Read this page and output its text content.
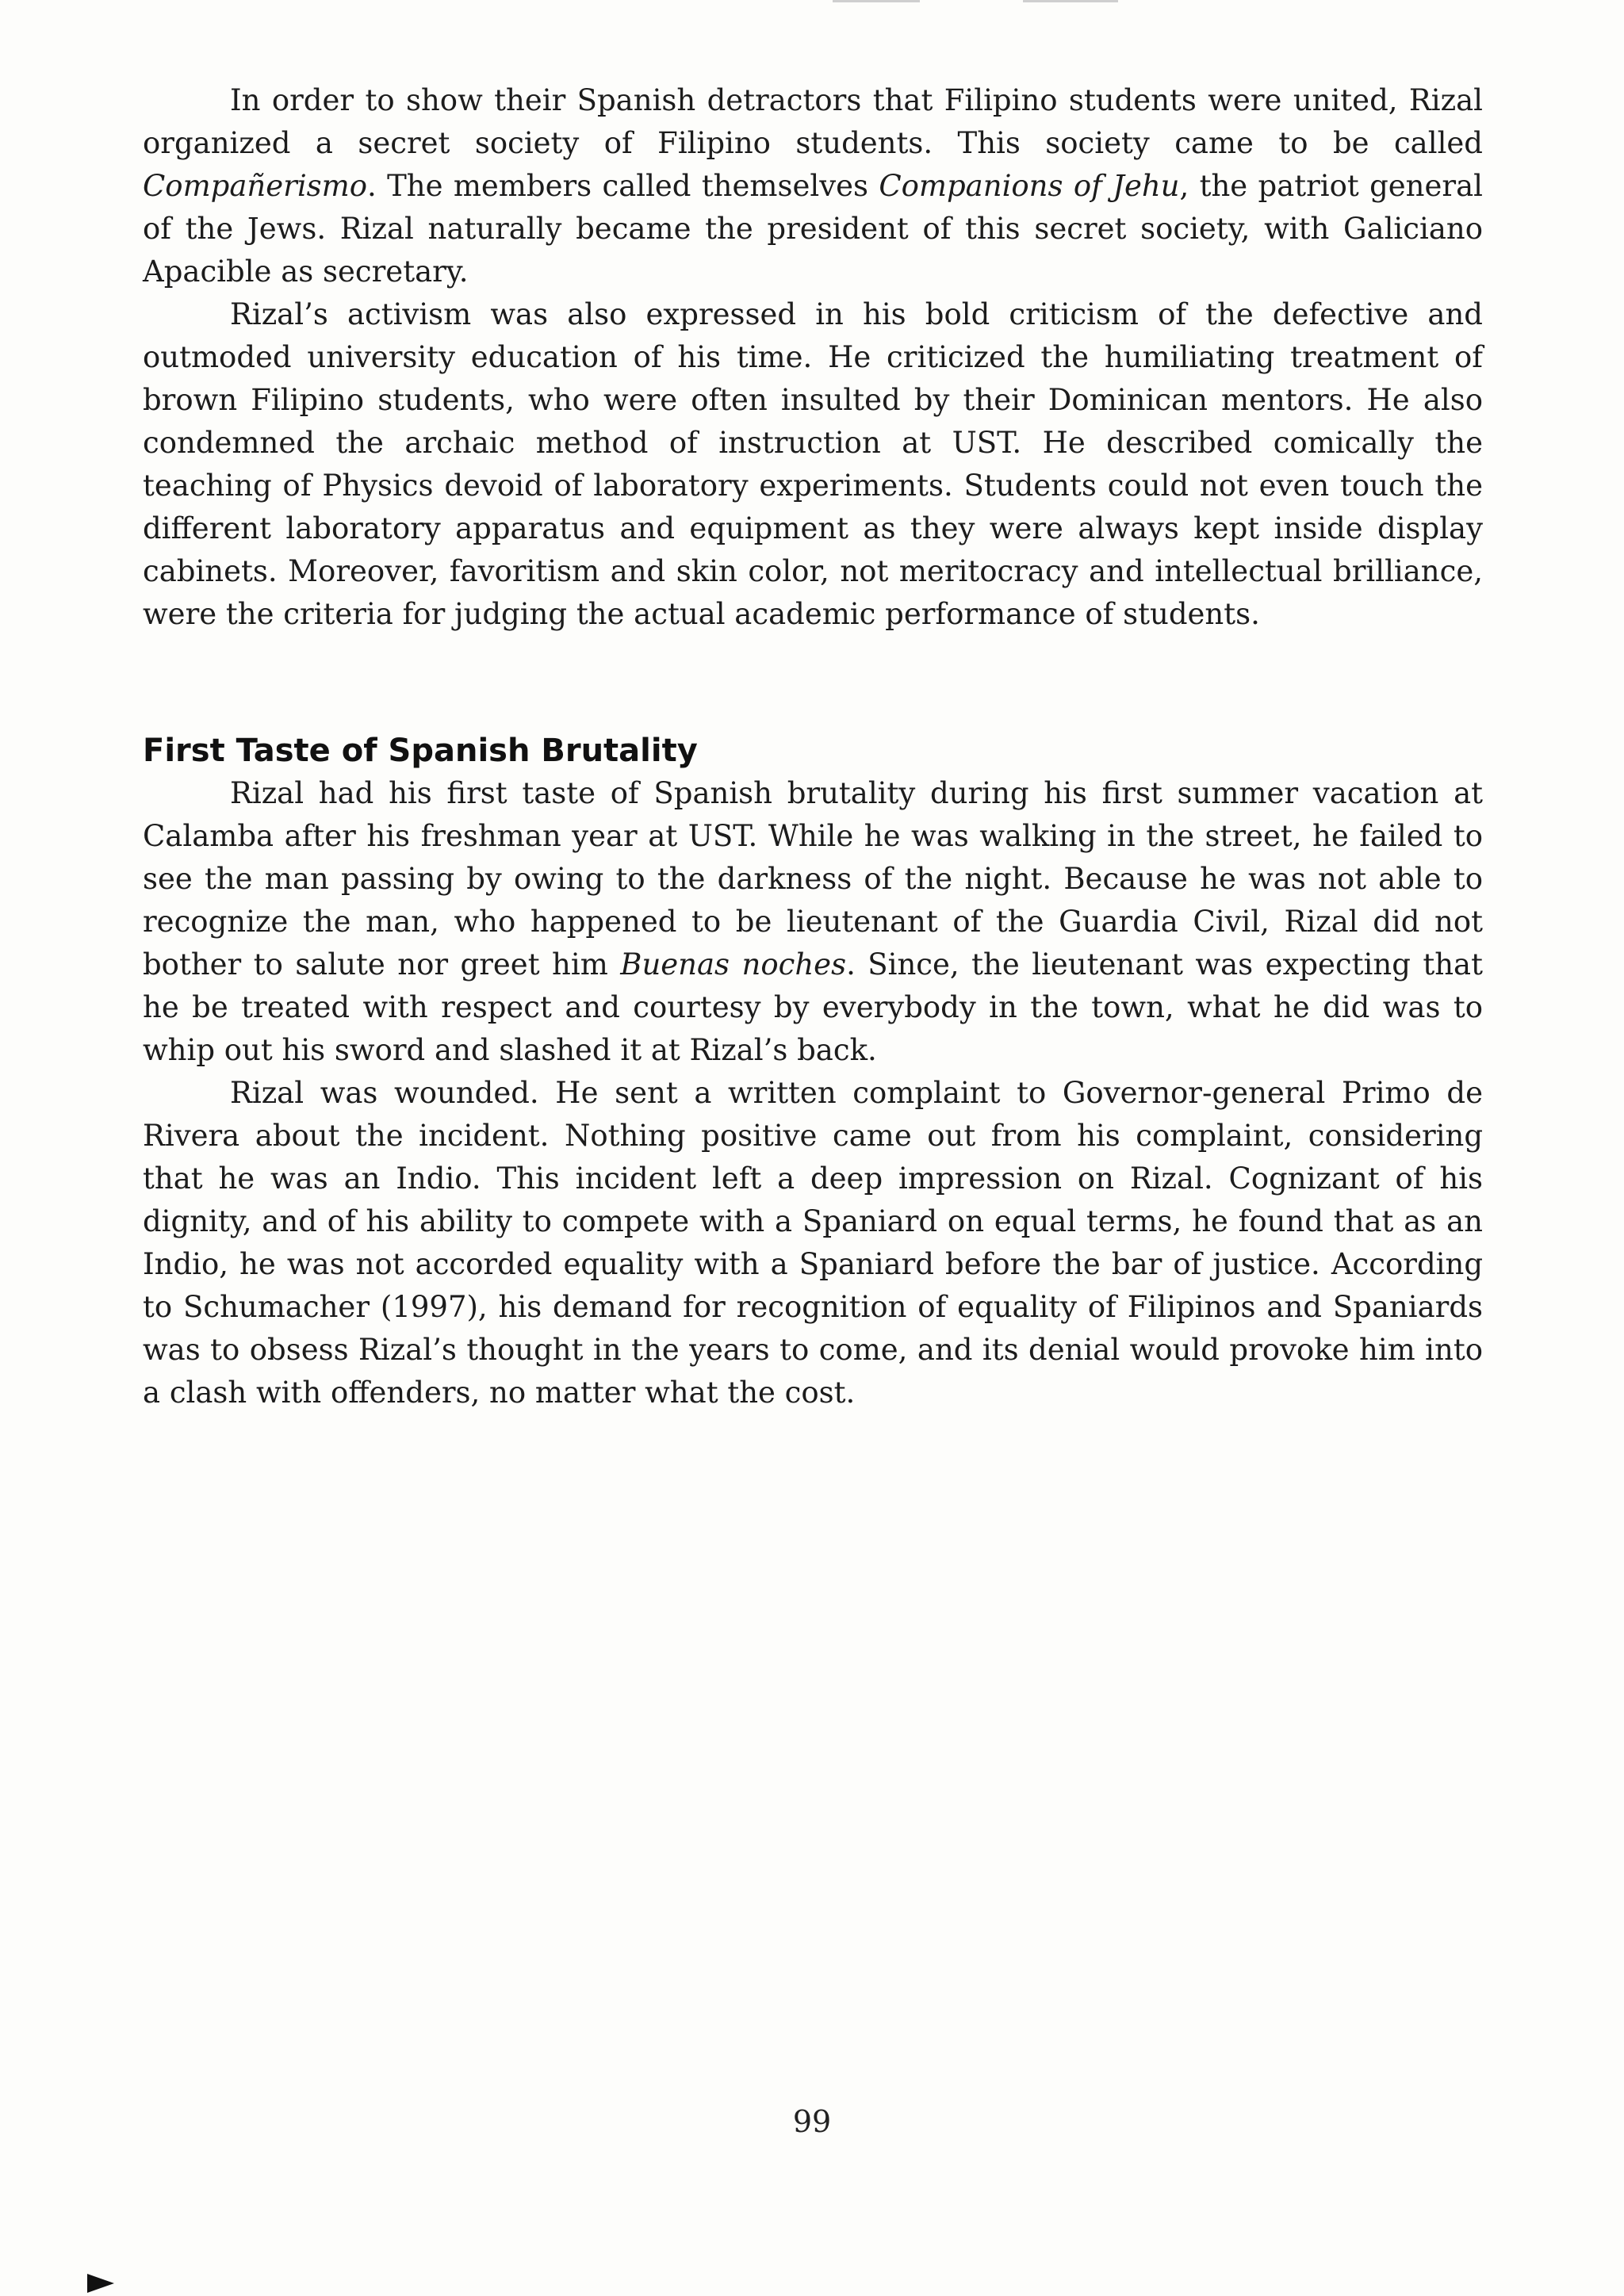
In order to show their Spanish detractors that Filipino students were united, Rizal organized a secret society of Filipino students. This society came to be called Compañerismo. The members called themselves Companions of Jehu, the patriot general of the Jews. Rizal naturally became the president of this secret society, with Galiciano Apacible as secretary.

Rizal’s activism was also expressed in his bold criticism of the defective and outmoded university education of his time. He criticized the humiliating treatment of brown Filipino students, who were often insulted by their Dominican mentors. He also condemned the archaic method of instruction at UST. He described comically the teaching of Physics devoid of laboratory experiments. Students could not even touch the different laboratory apparatus and equipment as they were always kept inside display cabinets. Moreover, favoritism and skin color, not meritocracy and intellectual brilliance, were the criteria for judging the actual academic performance of students.

First Taste of Spanish Brutality

Rizal had his first taste of Spanish brutality during his first summer vacation at Calamba after his freshman year at UST. While he was walking in the street, he failed to see the man passing by owing to the darkness of the night. Because he was not able to recognize the man, who happened to be lieutenant of the Guardia Civil, Rizal did not bother to salute nor greet him Buenas noches. Since, the lieutenant was expecting that he be treated with respect and courtesy by everybody in the town, what he did was to whip out his sword and slashed it at Rizal’s back.

Rizal was wounded. He sent a written complaint to Governor-general Primo de Rivera about the incident. Nothing positive came out from his complaint, considering that he was an Indio. This incident left a deep impression on Rizal. Cognizant of his dignity, and of his ability to compete with a Spaniard on equal terms, he found that as an Indio, he was not accorded equality with a Spaniard before the bar of justice. According to Schumacher (1997), his demand for recognition of equality of Filipinos and Spaniards was to obsess Rizal’s thought in the years to come, and its denial would provoke him into a clash with offenders, no matter what the cost.

99
